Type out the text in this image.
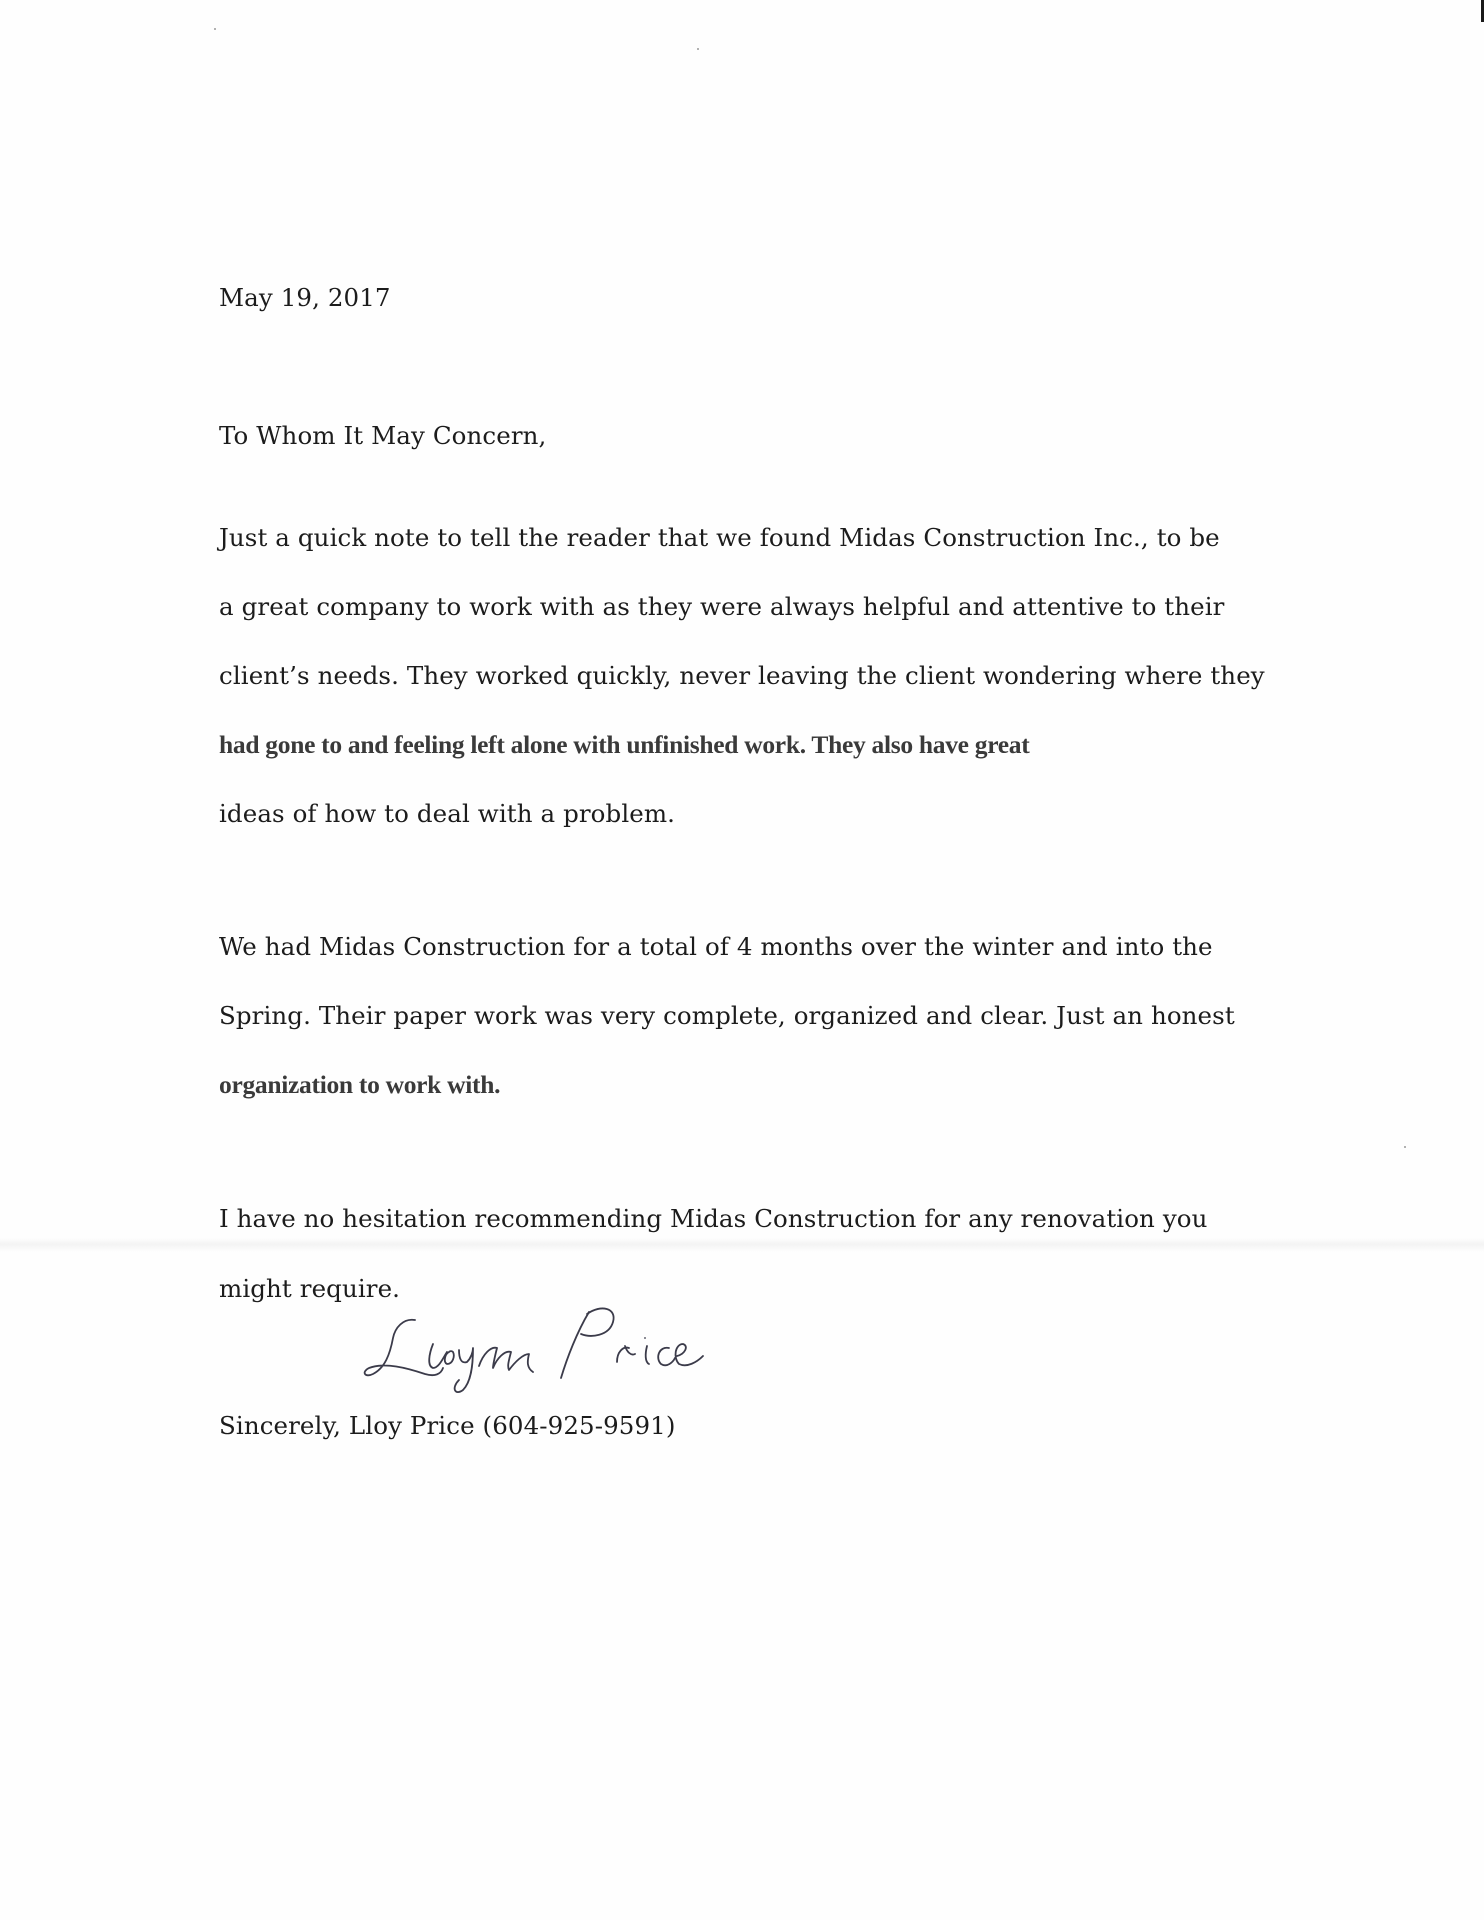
May 19, 2017
To Whom It May Concern,
Just a quick note to tell the reader that we found Midas Construction Inc., to be
a great company to work with as they were always helpful and attentive to their
client’s needs. They worked quickly, never leaving the client wondering where they
had gone to and feeling left alone with unfinished work. They also have great
ideas of how to deal with a problem.
We had Midas Construction for a total of 4 months over the winter and into the
Spring. Their paper work was very complete, organized and clear. Just an honest
organization to work with.
I have no hesitation recommending Midas Construction for any renovation you
might require.
Sincerely, Lloy Price (604-925-9591)
